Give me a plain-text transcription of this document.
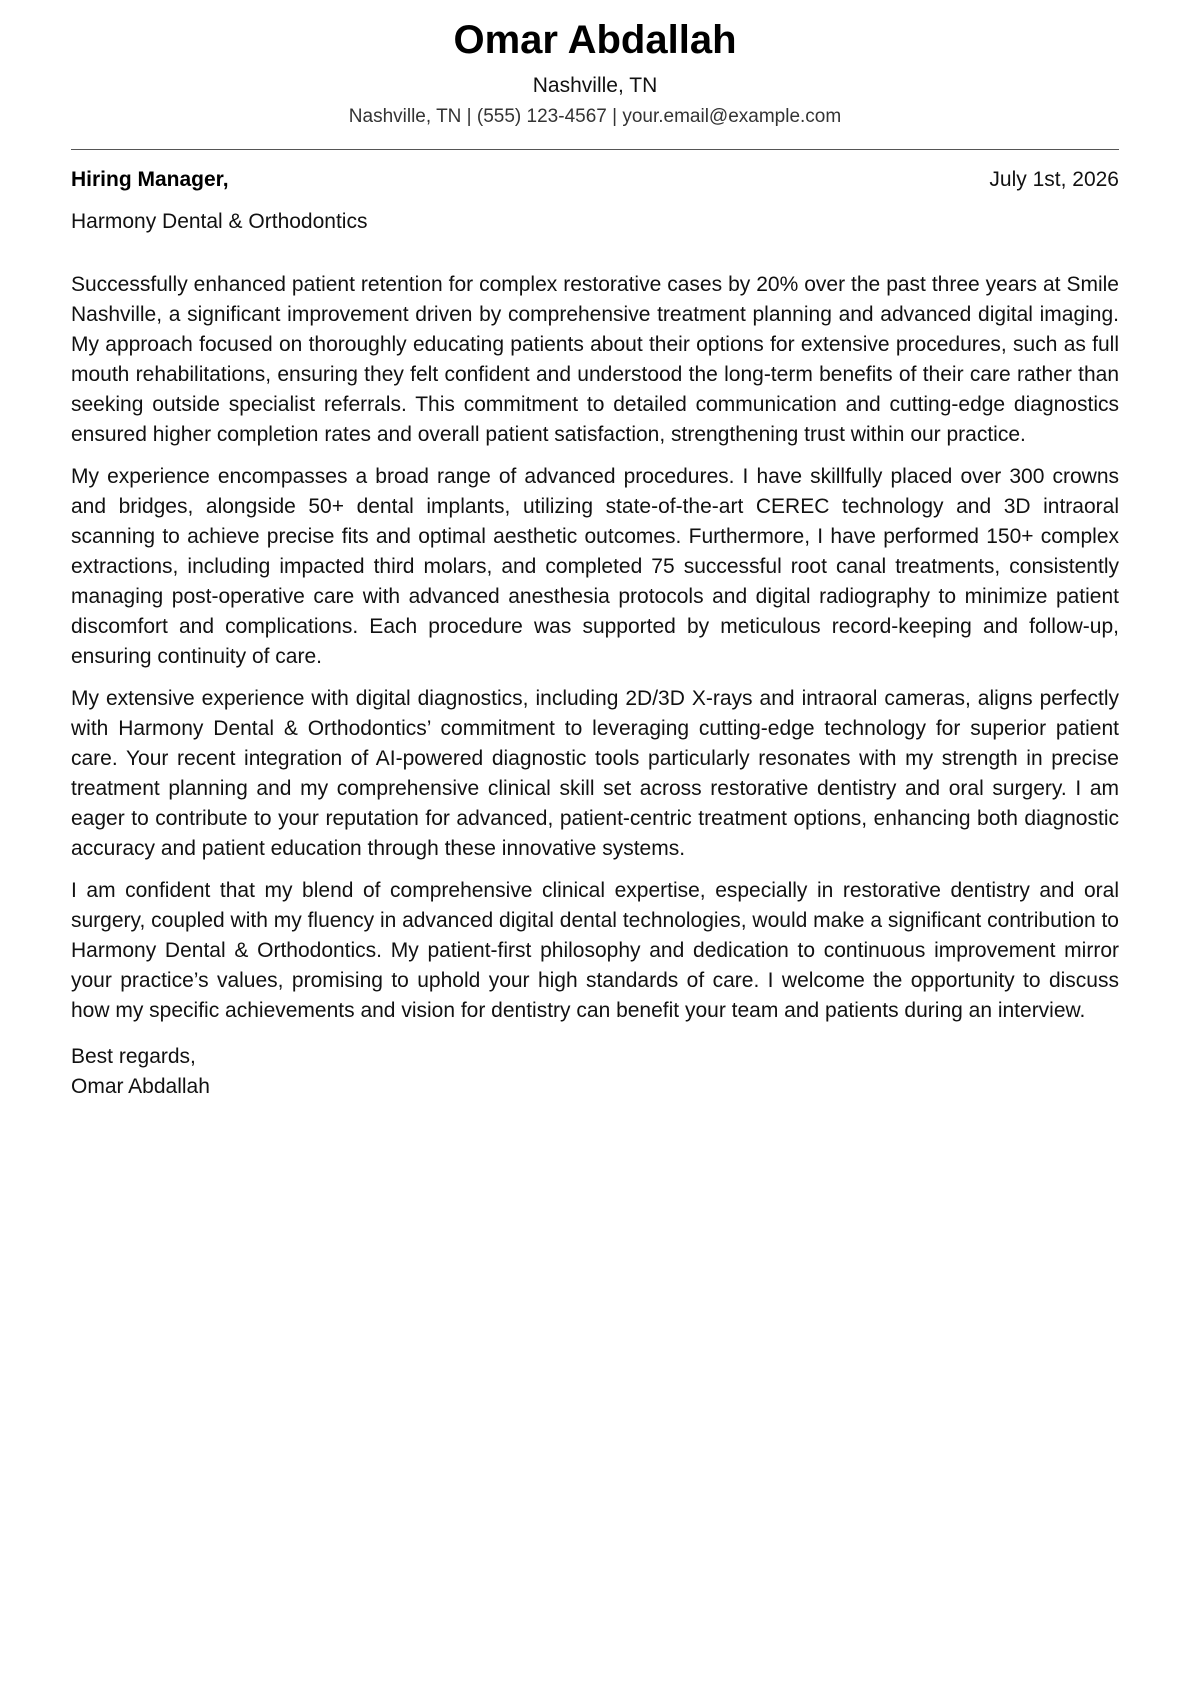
Omar Abdallah
Nashville, TN
Nashville, TN | (555) 123-4567 | your.email@example.com
Hiring Manager,	July 1st, 2026
Harmony Dental & Orthodontics

Successfully enhanced patient retention for complex restorative cases by 20% over the past three years at Smile Nashville, a significant improvement driven by comprehensive treatment planning and advanced digital imaging. My approach focused on thoroughly educating patients about their options for extensive procedures, such as full mouth rehabilitations, ensuring they felt confident and understood the long-term benefits of their care rather than seeking outside specialist referrals. This commitment to detailed communication and cutting-edge diagnostics ensured higher completion rates and overall patient satisfaction, strengthening trust within our practice.

My experience encompasses a broad range of advanced procedures. I have skillfully placed over 300 crowns and bridges, alongside 50+ dental implants, utilizing state-of-the-art CEREC technology and 3D intraoral scanning to achieve precise fits and optimal aesthetic outcomes. Furthermore, I have performed 150+ complex extractions, including impacted third molars, and completed 75 successful root canal treatments, consistently managing post-operative care with advanced anesthesia protocols and digital radiography to minimize patient discomfort and complications. Each procedure was supported by meticulous record-keeping and follow-up, ensuring continuity of care.

My extensive experience with digital diagnostics, including 2D/3D X-rays and intraoral cameras, aligns perfectly with Harmony Dental & Orthodontics’ commitment to leveraging cutting-edge technology for superior patient care. Your recent integration of AI-powered diagnostic tools particularly resonates with my strength in precise treatment planning and my comprehensive clinical skill set across restorative dentistry and oral surgery. I am eager to contribute to your reputation for advanced, patient-centric treatment options, enhancing both diagnostic accuracy and patient education through these innovative systems.

I am confident that my blend of comprehensive clinical expertise, especially in restorative dentistry and oral surgery, coupled with my fluency in advanced digital dental technologies, would make a significant contribution to Harmony Dental & Orthodontics. My patient-first philosophy and dedication to continuous improvement mirror your practice’s values, promising to uphold your high standards of care. I welcome the opportunity to discuss how my specific achievements and vision for dentistry can benefit your team and patients during an interview.

Best regards,
Omar Abdallah
